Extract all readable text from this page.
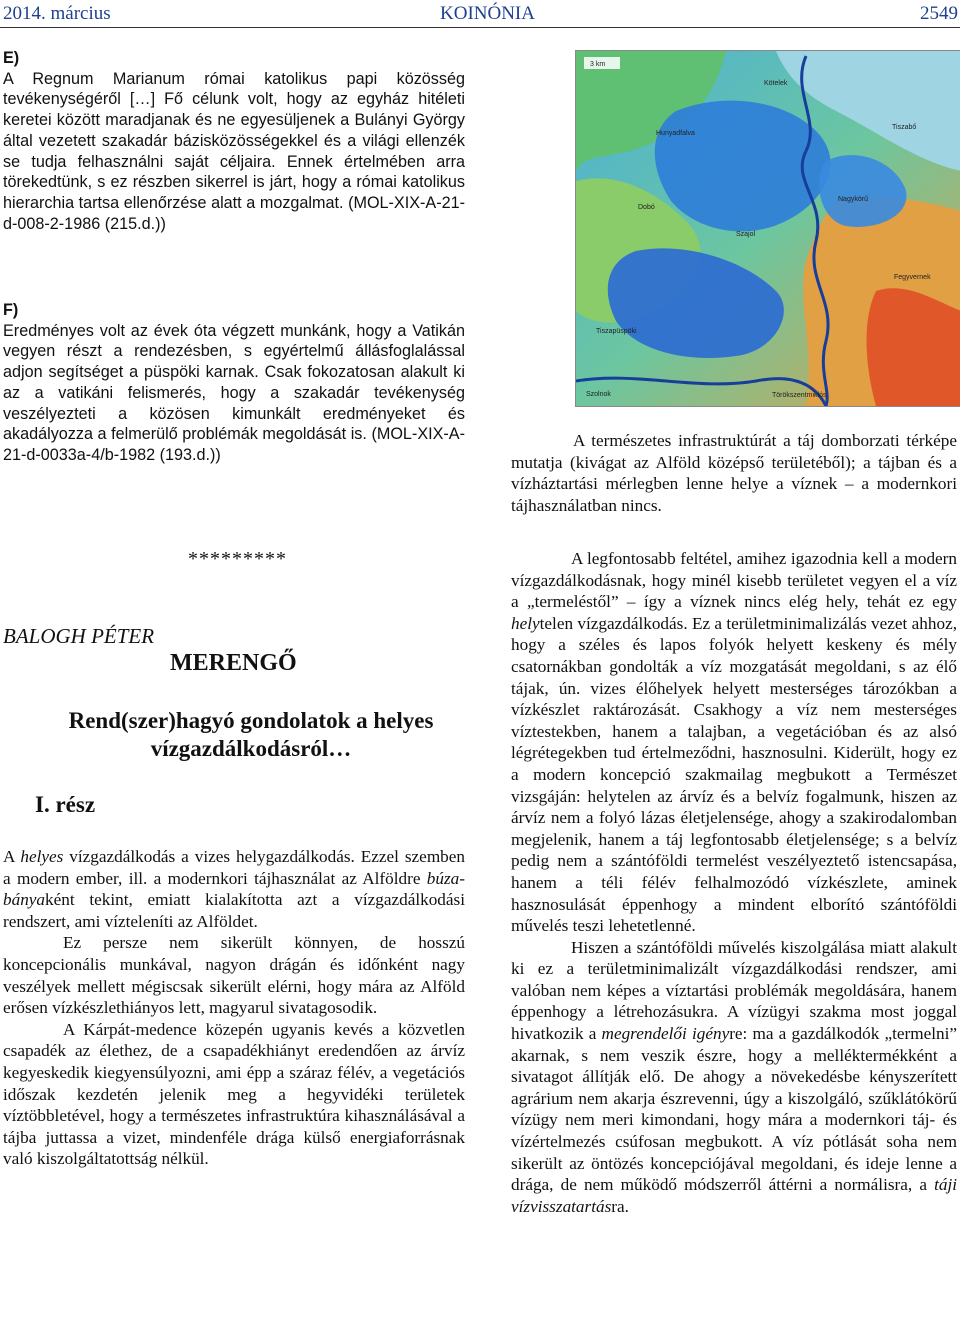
2014. március	KOINÓNIA	2549

E)

A Regnum Marianum római katolikus papi közösség tevékenységéről […] Fő célunk volt, hogy az egyház hitéleti keretei között maradjanak és ne egyesüljenek a Bulányi György által vezetett szakadár bázisközösségekkel és a világi ellenzék se tudja felhasználni saját céljaira. Ennek értelmében arra törekedtünk, s ez részben sikerrel is járt, hogy a római katolikus hierarchia tartsa ellenőrzése alatt a mozgalmat. (MOL-XIX-A-21-d-008-2-1986 (215.d.))

F)

Eredményes volt az évek óta végzett munkánk, hogy a Vatikán vegyen részt a rendezésben, s egyértelmű állásfoglalással adjon segítséget a püspöki karnak. Csak fokozatosan alakult ki az a vatikáni felismerés, hogy a szakadár tevékenység veszélyezteti a közösen kimunkált eredményeket és akadályozza a felmerülő problémák megoldását is. (MOL-XIX-A-21-d-0033a-4/b-1982 (193.d.))

3 km
Kötelek
Tiszabő
Hunyadfalva
Nagykörű
Dobó
Szajol
Fegyvernek
Tiszapüspöki
Szolnok	Törökszentmiklós

A természetes infrastruktúrát a táj domborzati térképe mutatja (kivágat az Alföld középső területéből); a tájban és a vízháztartási mérlegben lenne helye a víznek – a modernkori tájhasználatban nincs.

*********
BALOGH PÉTER
MERENGŐ
Rend(szer)hagyó gondolatok a helyes vízgazdálkodásról…
I. rész

A helyes vízgazdálkodás a vizes helygazdálkodás. Ezzel szemben a modern ember, ill. a modernkori tájhasználat az Alföldre búza-bányaként tekint, emiatt kialakította azt a vízgazdálkodási rendszert, ami vízteleníti az Alföldet.

Ez persze nem sikerült könnyen, de hosszú koncepcionális munkával, nagyon drágán és időnként nagy veszélyek mellett mégiscsak sikerült elérni, hogy mára az Alföld erősen vízkészlethiányos lett, magyarul sivatagosodik.

A Kárpát-medence közepén ugyanis kevés a közvetlen csapadék az élethez, de a csapadékhiányt eredendően az árvíz kegyeskedik kiegyensúlyozni, ami épp a száraz félév, a vegetációs időszak kezdetén jelenik meg a hegyvidéki területek víztöbbletével, hogy a természetes infrastruktúra kihasználásával a tájba juttassa a vizet, mindenféle drága külső energiaforrásnak való kiszolgáltatottság nélkül.

A legfontosabb feltétel, amihez igazodnia kell a modern vízgazdálkodásnak, hogy minél kisebb területet vegyen el a víz a „termeléstől” – így a víznek nincs elég hely, tehát ez egy helytelen vízgazdálkodás. Ez a területminimalizálás vezet ahhoz, hogy a széles és lapos folyók helyett keskeny és mély csatornákban gondolták a víz mozgatását megoldani, s az élő tájak, ún. vizes élőhelyek helyett mesterséges tározókban a vízkészlet raktározását. Csakhogy a víz nem mesterséges víztestekben, hanem a talajban, a vegetációban és az alsó légrétegekben tud értelmeződni, hasznosulni. Kiderült, hogy ez a modern koncepció szakmailag megbukott a Természet vizsgáján: helytelen az árvíz és a belvíz fogalmunk, hiszen az árvíz nem a folyó lázas életjelensége, ahogy a szakirodalomban megjelenik, hanem a táj legfontosabb életjelensége; s a belvíz pedig nem a szántóföldi termelést veszélyeztető istencsapása, hanem a téli félév felhalmozódó vízkészlete, aminek hasznosulását éppenhogy a mindent elborító szántóföldi művelés teszi lehetetlenné.

Hiszen a szántóföldi művelés kiszolgálása miatt alakult ki ez a területminimalizált vízgazdálkodási rendszer, ami valóban nem képes a víztartási problémák megoldására, hanem éppenhogy a létrehozásukra. A vízügyi szakma most joggal hivatkozik a megrendelői igényre: ma a gazdálkodók „termelni” akarnak, s nem veszik észre, hogy a melléktermékként a sivatagot állítják elő. De ahogy a növekedésbe kényszerített agrárium nem akarja észrevenni, úgy a kiszolgáló, szűklátókörű vízügy nem meri kimondani, hogy mára a modernkori táj- és vízértelmezés csúfosan megbukott. A víz pótlását soha nem sikerült az öntözés koncepciójával megoldani, és ideje lenne a drága, de nem működő módszerről áttérni a normálisra, a táji vízvisszatartásra.
